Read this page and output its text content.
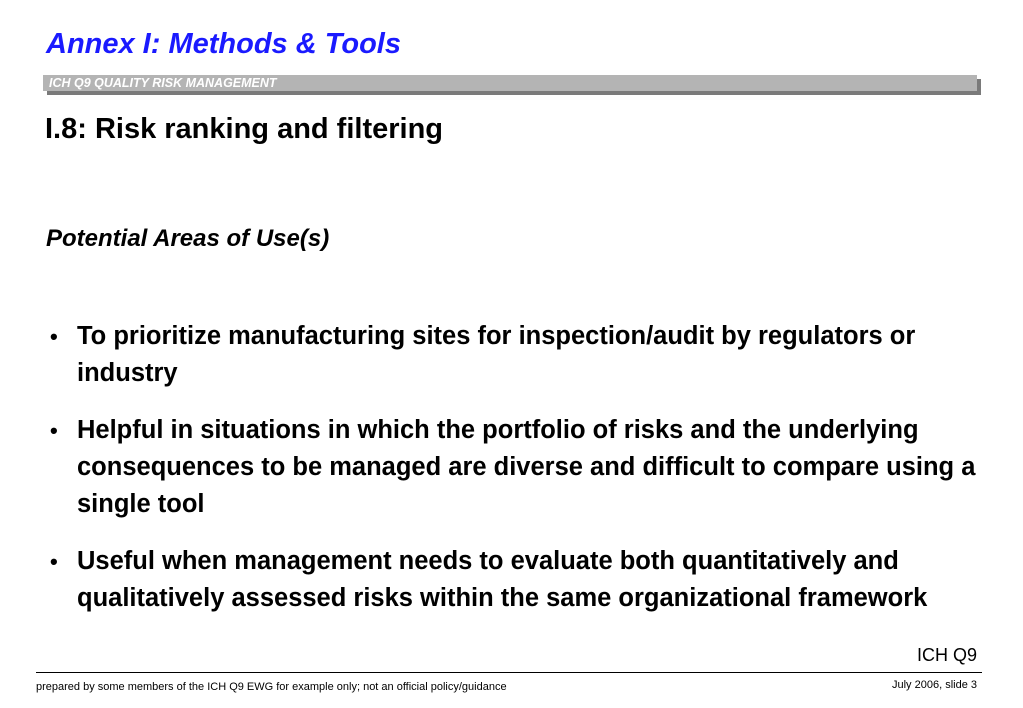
Annex I: Methods & Tools
ICH Q9 QUALITY RISK MANAGEMENT
I.8: Risk ranking and filtering
Potential Areas of Use(s)
• To prioritize manufacturing sites for inspection/audit by regulators or industry
• Helpful in situations in which the portfolio of risks and the underlying consequences to be managed are diverse and difficult to compare using a single tool
• Useful when management needs to evaluate both quantitatively and qualitatively assessed risks within the same organizational framework
ICH Q9
prepared by some members of the ICH Q9 EWG for example only; not an official policy/guidance	July 2006, slide 3
